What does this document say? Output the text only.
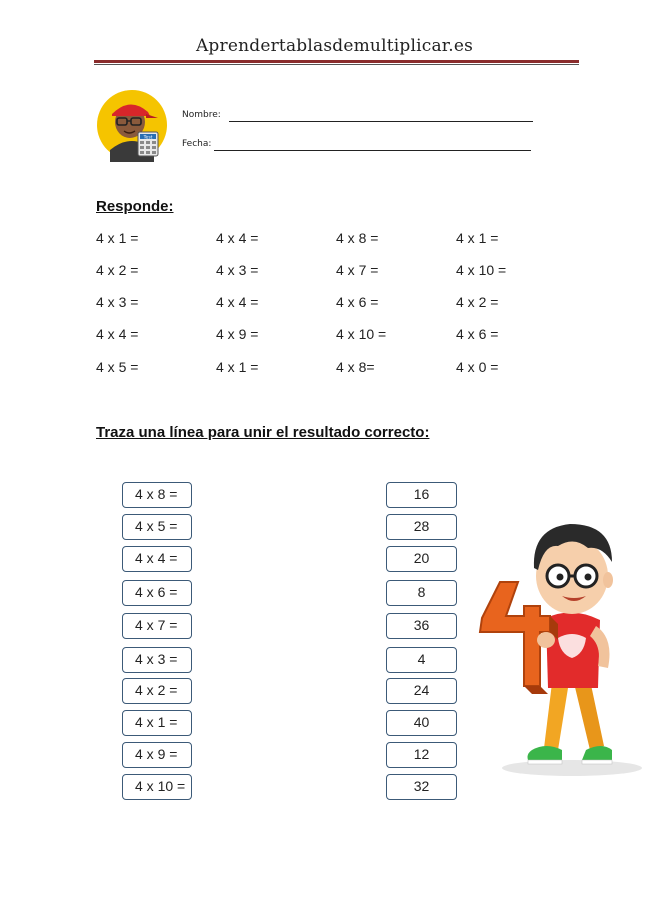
Aprendertablasdemultiplicar.es
Test
Nombre:
Fecha:
Responde:
4 x 1 =
4 x 2 =
4 x 3 =
4 x 4 =
4 x 5 =
4 x 4 =
4 x 3 =
4 x 4 =
4 x 9 =
4 x 1 =
4 x 8 =
4 x 7 =
4 x 6 =
4 x 10 =
4 x 8=
4 x 1 =
4 x 10 =
4 x 2 =
4 x 6 =
4 x 0 =
Traza una línea para unir el resultado correcto:
4 x 8 =
4 x 5 =
4 x 4 =
4 x 6 =
4 x 7 =
4 x 3 =
4 x 2 =
4 x 1 =
4 x 9 =
4 x 10 =
16
28
20
8
36
4
24
40
12
32
